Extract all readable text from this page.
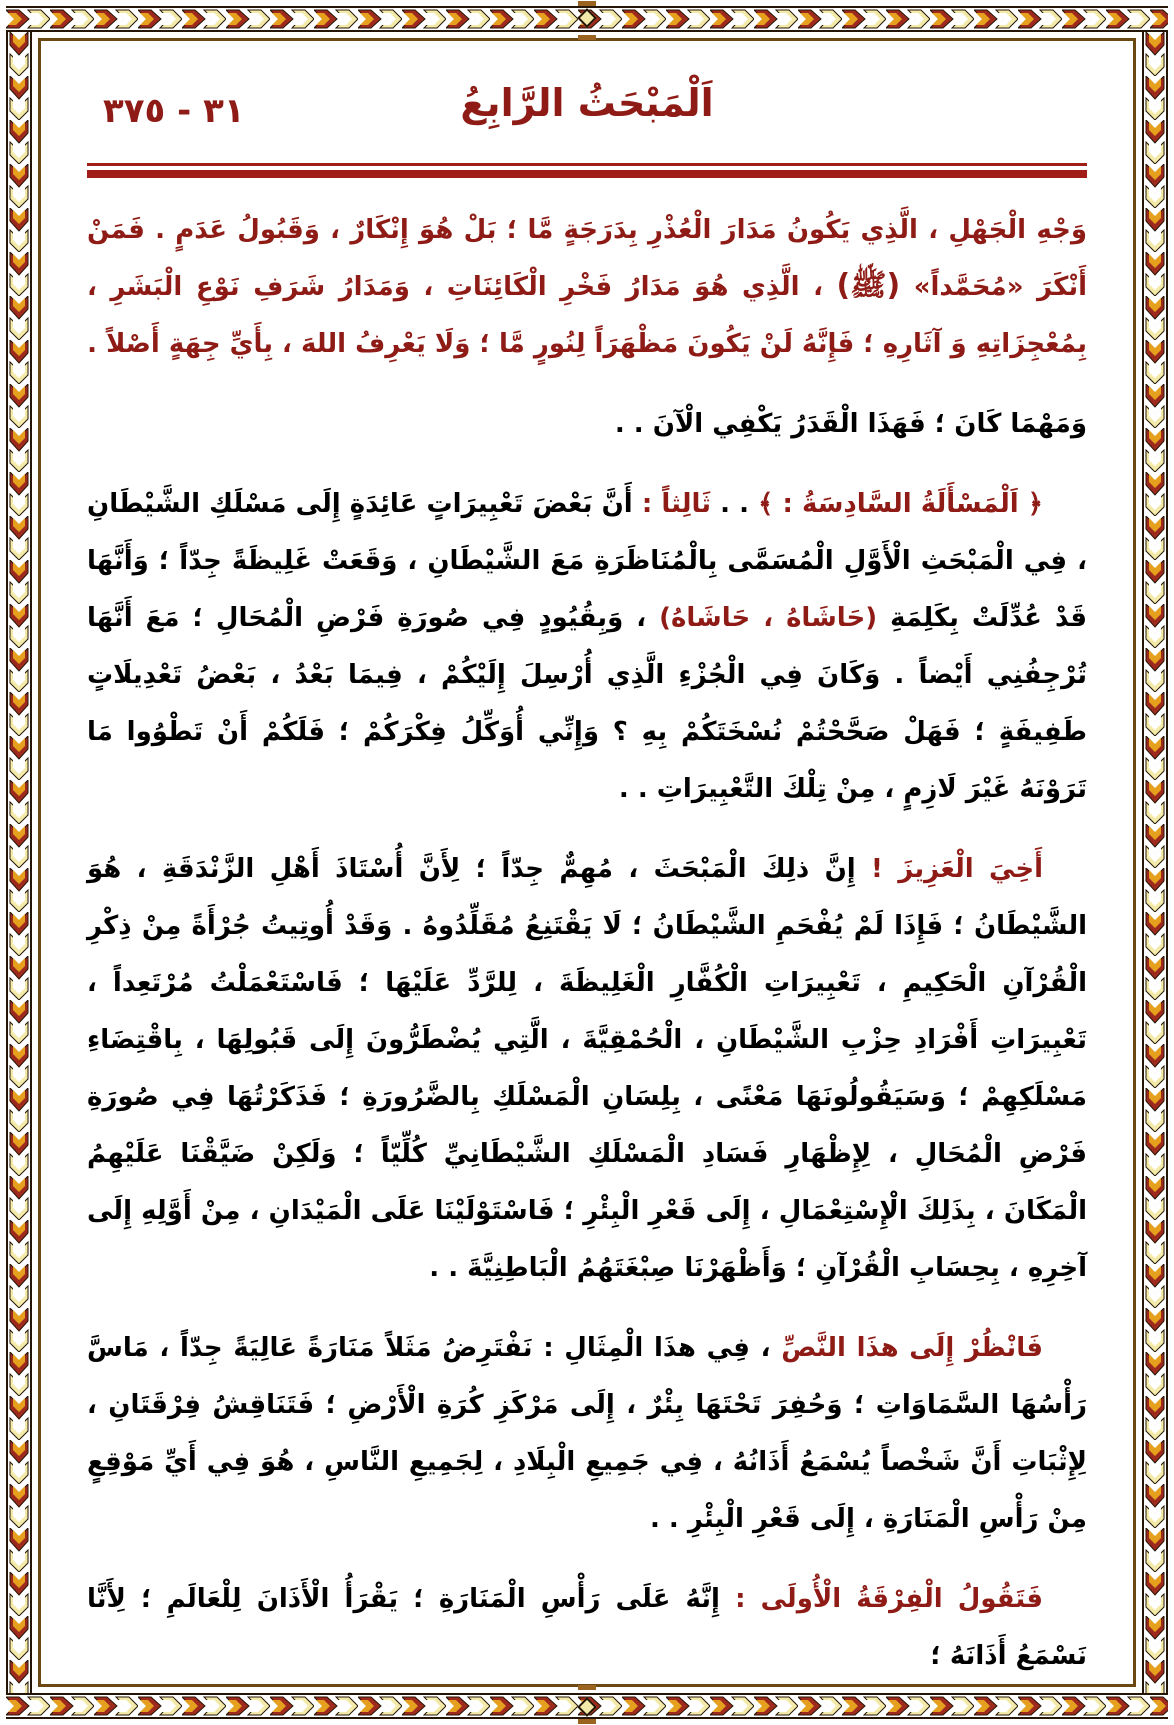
٣١ - ٣٧٥	اَلْمَبْحَثُ الرَّابِعُ

وَجْهِ الْجَهْلِ ، الَّذِي يَكُونُ مَدَارَ الْعُذْرِ بِدَرَجَةٍ مَّا ؛ بَلْ هُوَ إِنْكَارٌ ، وَقَبُولُ عَدَمٍ . فَمَنْ أَنْكَرَ «مُحَمَّداً» (ﷺ) ، الَّذِي هُوَ مَدَارُ فَخْرِ الْكَائِنَاتِ ، وَمَدَارُ شَرَفِ نَوْعِ الْبَشَرِ ، بِمُعْجِزَاتِهِ وَ آثَارِهِ ؛ فَإِنَّهُ لَنْ يَكُونَ مَظْهَرَاً لِنُورٍ مَّا ؛ وَلَا يَعْرِفُ اللهَ ، بِأَيِّ جِهَةٍ أَصْلاً .

وَمَهْمَا كَانَ ؛ فَهَذَا الْقَدَرُ يَكْفِي الْآنَ . .

﴿ اَلْمَسْأَلَةُ السَّادِسَةُ : ﴾ . . ثَالِثاً : أَنَّ بَعْضَ تَعْبِيرَاتٍ عَائِدَةٍ إِلَى مَسْلَكِ الشَّيْطَانِ ، فِي الْمَبْحَثِ الْأَوَّلِ الْمُسَمَّى بِالْمُنَاظَرَةِ مَعَ الشَّيْطَانِ ، وَقَعَتْ غَلِيظَةً جِدّاً ؛ وَأَنَّهَا قَدْ عُدِّلَتْ بِكَلِمَةِ (حَاشَاهُ ، حَاشَاهُ) ، وَبِقُيُودٍ فِي صُورَةِ فَرْضِ الْمُحَالِ ؛ مَعَ أَنَّهَا تُرْجِفُنِي أَيْضاً . وَكَانَ فِي الْجُزْءِ الَّذِي أُرْسِلَ إِلَيْكُمْ ، فِيمَا بَعْدُ ، بَعْضُ تَعْدِيلَاتٍ طَفِيفَةٍ ؛ فَهَلْ صَحَّحْتُمْ نُسْخَتَكُمْ بِهِ ؟ وَإِنِّي أُوَكِّلُ فِكْرَكُمْ ؛ فَلَكُمْ أَنْ تَطْوُوا مَا تَرَوْنَهُ غَيْرَ لَازِمٍ ، مِنْ تِلْكَ التَّعْبِيرَاتِ . .

أَخِيَ الْعَزِيزَ ! إِنَّ ذلِكَ الْمَبْحَثَ ، مُهِمٌّ جِدّاً ؛ لِأَنَّ أُسْتَاذَ أَهْلِ الزَّنْدَقَةِ ، هُوَ الشَّيْطَانُ ؛ فَإِذَا لَمْ يُفْحَمِ الشَّيْطَانُ ؛ لَا يَقْتَنِعُ مُقَلِّدُوهُ . وَقَدْ أُوتِيتُ جُرْأَةً مِنْ ذِكْرِ الْقُرْآنِ الْحَكِيمِ ، تَعْبِيرَاتِ الْكُفَّارِ الْغَلِيظَةَ ، لِلرَّدِّ عَلَيْهَا ؛ فَاسْتَعْمَلْتُ مُرْتَعِداً ، تَعْبِيرَاتِ أَفْرَادِ حِزْبِ الشَّيْطَانِ ، الْحُمْقِيَّةَ ، الَّتِي يُضْطَرُّونَ إِلَى قَبُولِهَا ، بِاقْتِضَاءِ مَسْلَكِهِمْ ؛ وَسَيَقُولُونَهَا مَعْنًى ، بِلِسَانِ الْمَسْلَكِ بِالضَّرُورَةِ ؛ فَذَكَرْتُهَا فِي صُورَةِ فَرْضِ الْمُحَالِ ، لِإِظْهَارِ فَسَادِ الْمَسْلَكِ الشَّيْطَانِيِّ كُلِّيّاً ؛ وَلَكِنْ ضَيَّقْنَا عَلَيْهِمُ الْمَكَانَ ، بِذَلِكَ الْإِسْتِعْمَالِ ، إِلَى قَعْرِ الْبِئْرِ ؛ فَاسْتَوْلَيْنَا عَلَى الْمَيْدَانِ ، مِنْ أَوَّلِهِ إِلَى آخِرِهِ ، بِحِسَابِ الْقُرْآنِ ؛ وَأَظْهَرْنَا صِبْغَتَهُمُ الْبَاطِنِيَّةَ . .

فَانْظُرْ إِلَى هذَا النَّصِّ ، فِي هذَا الْمِثَالِ : نَفْتَرِضُ مَثَلاً مَنَارَةً عَالِيَةً جِدّاً ، مَاسَّ رَأْسُهَا السَّمَاوَاتِ ؛ وَحُفِرَ تَحْتَهَا بِئْرٌ ، إِلَى مَرْكَزِ كُرَةِ الْأَرْضِ ؛ فَتَنَاقِشُ فِرْقَتَانِ ، لِإِثْبَاتِ أَنَّ شَخْصاً يُسْمَعُ أَذَانُهُ ، فِي جَمِيعِ الْبِلَادِ ، لِجَمِيعِ النَّاسِ ، هُوَ فِي أَيِّ مَوْقِعٍ مِنْ رَأْسِ الْمَنَارَةِ ، إِلَى قَعْرِ الْبِئْرِ . .

فَتَقُولُ الْفِرْقَةُ الْأُولَى : إِنَّهُ عَلَى رَأْسِ الْمَنَارَةِ ؛ يَقْرَأُ الْأَذَانَ لِلْعَالَمِ ؛ لِأَنَّا نَسْمَعُ أَذَانَهُ ؛
